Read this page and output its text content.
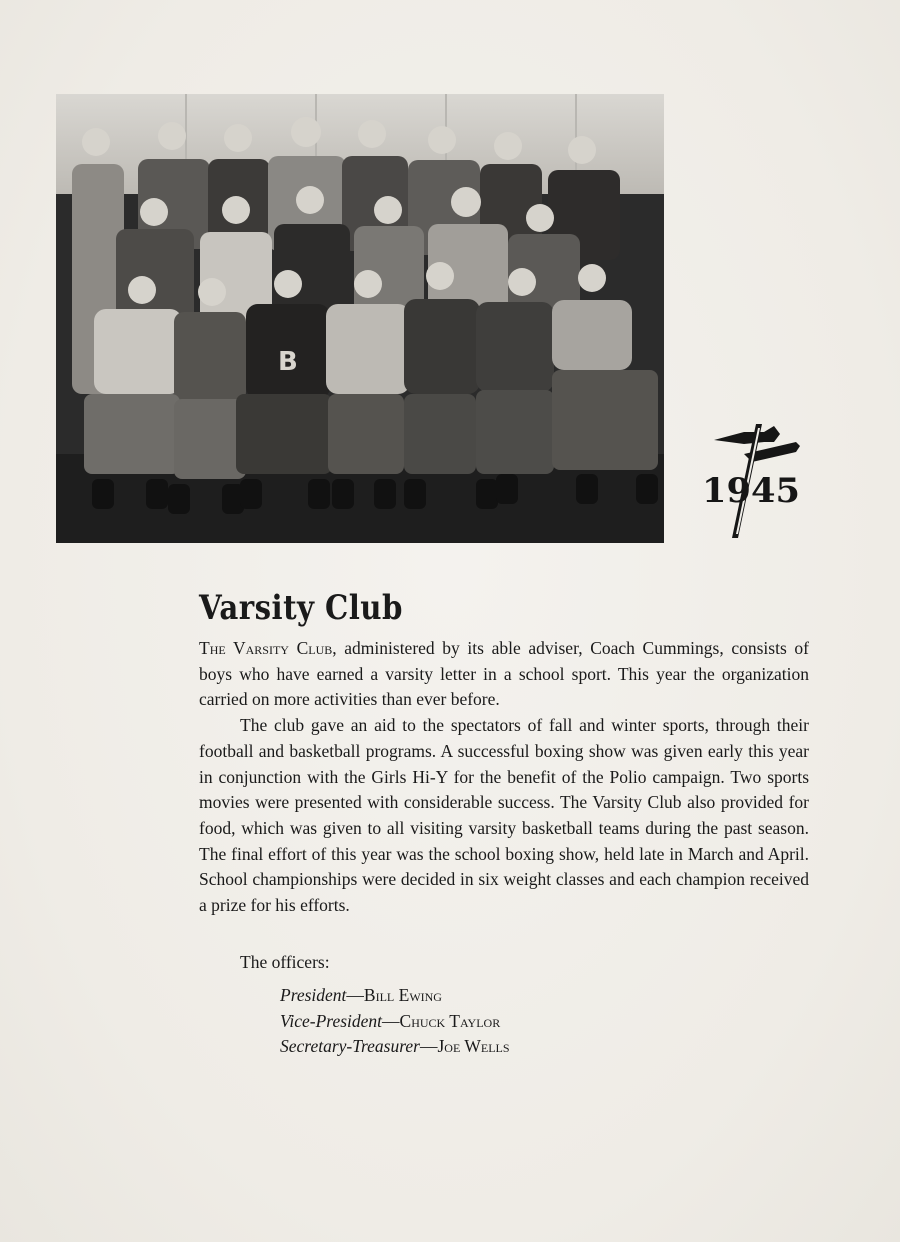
B
1945
Varsity Club

The Varsity Club, administered by its able adviser, Coach Cummings, consists of boys who have earned a varsity letter in a school sport. This year the organization carried on more activities than ever before.

The club gave an aid to the spectators of fall and winter sports, through their football and basketball programs. A successful boxing show was given early this year in conjunction with the Girls Hi-Y for the benefit of the Polio campaign. Two sports movies were presented with considerable success. The Varsity Club also provided for food, which was given to all visiting varsity basketball teams during the past season. The final effort of this year was the school boxing show, held late in March and April. School championships were decided in six weight classes and each champion received a prize for his efforts.

The officers:
President—Bill Ewing
Vice-President—Chuck Taylor
Secretary-Treasurer—Joe Wells
